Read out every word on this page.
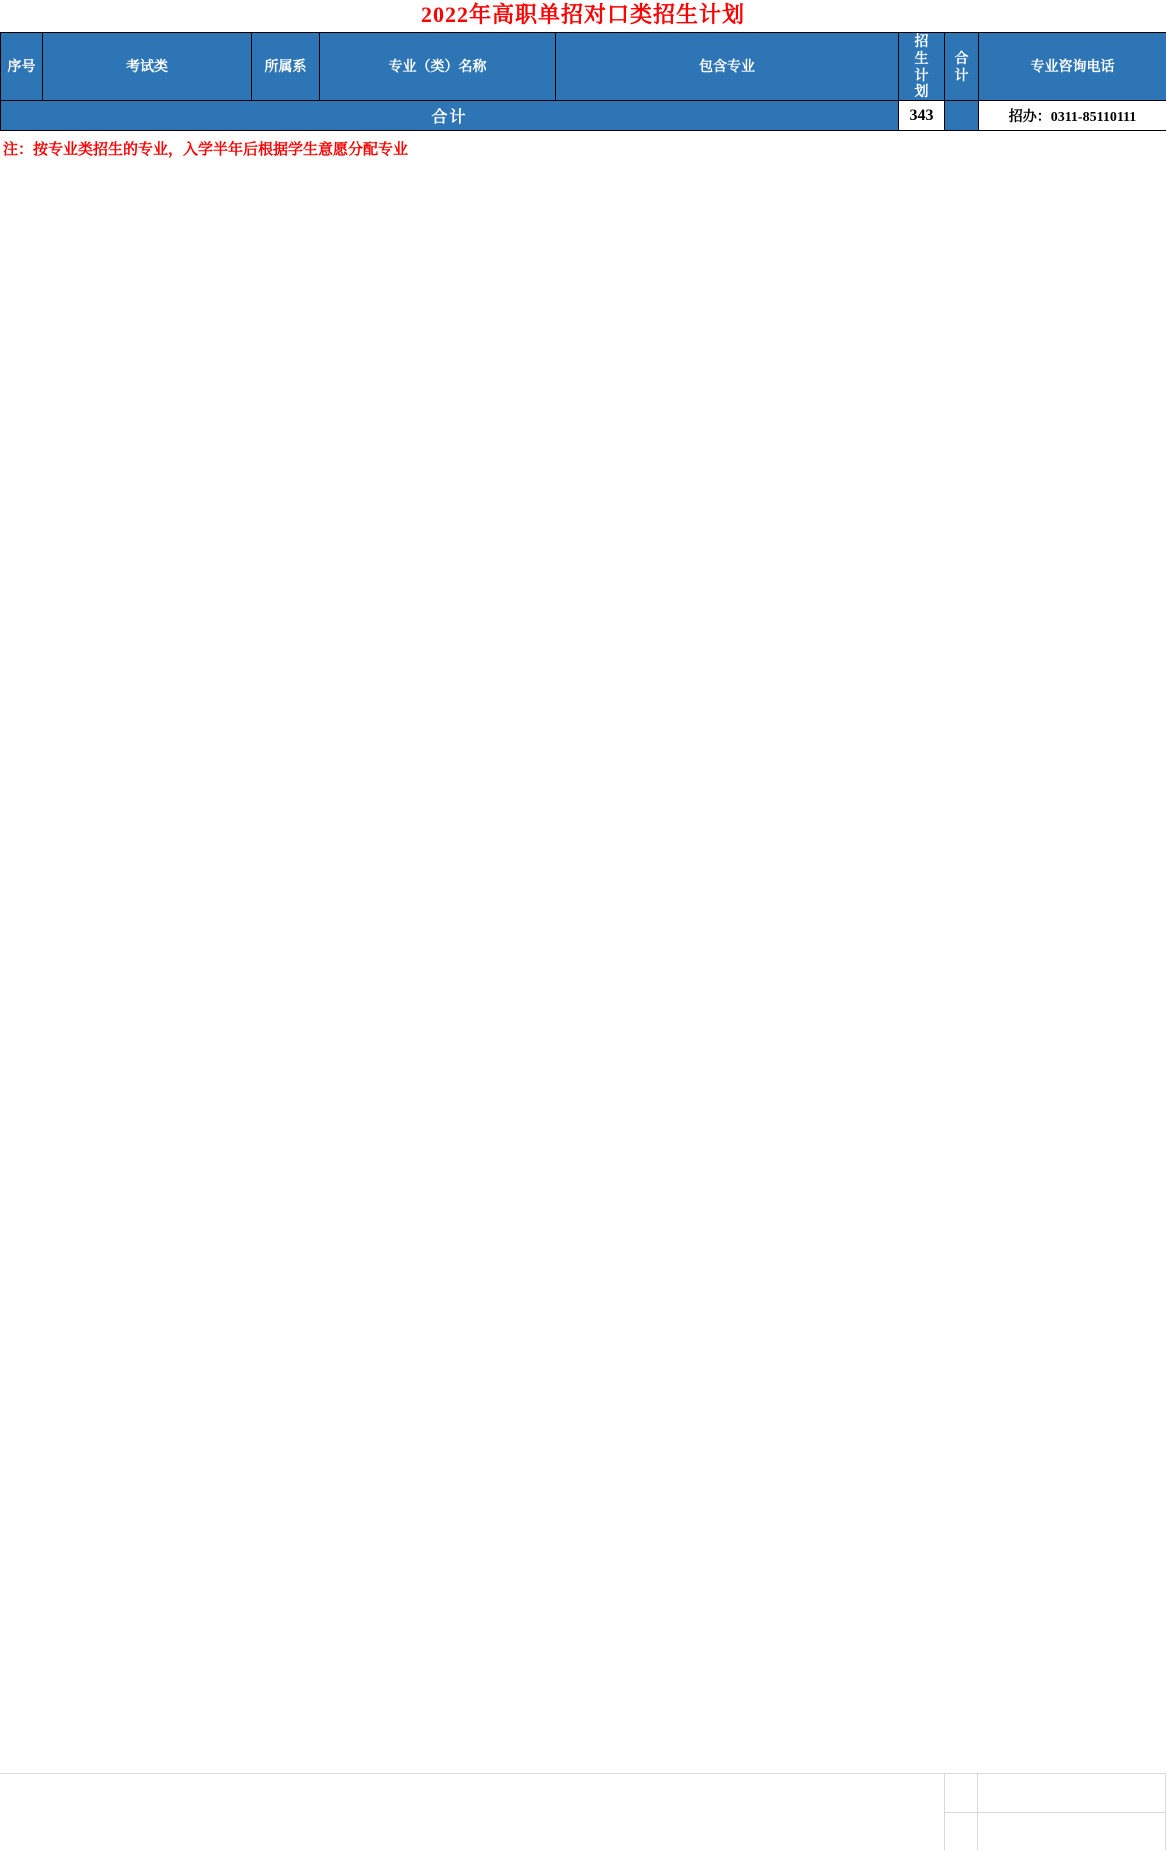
2022年高职单招对口类招生计划
序号	考试类	所属系	专业（类）名称	包含专业	招生计划	合计	专业咨询电话
合计					343		招办：0311-85110111
注：按专业类招生的专业，入学半年后根据学生意愿分配专业
